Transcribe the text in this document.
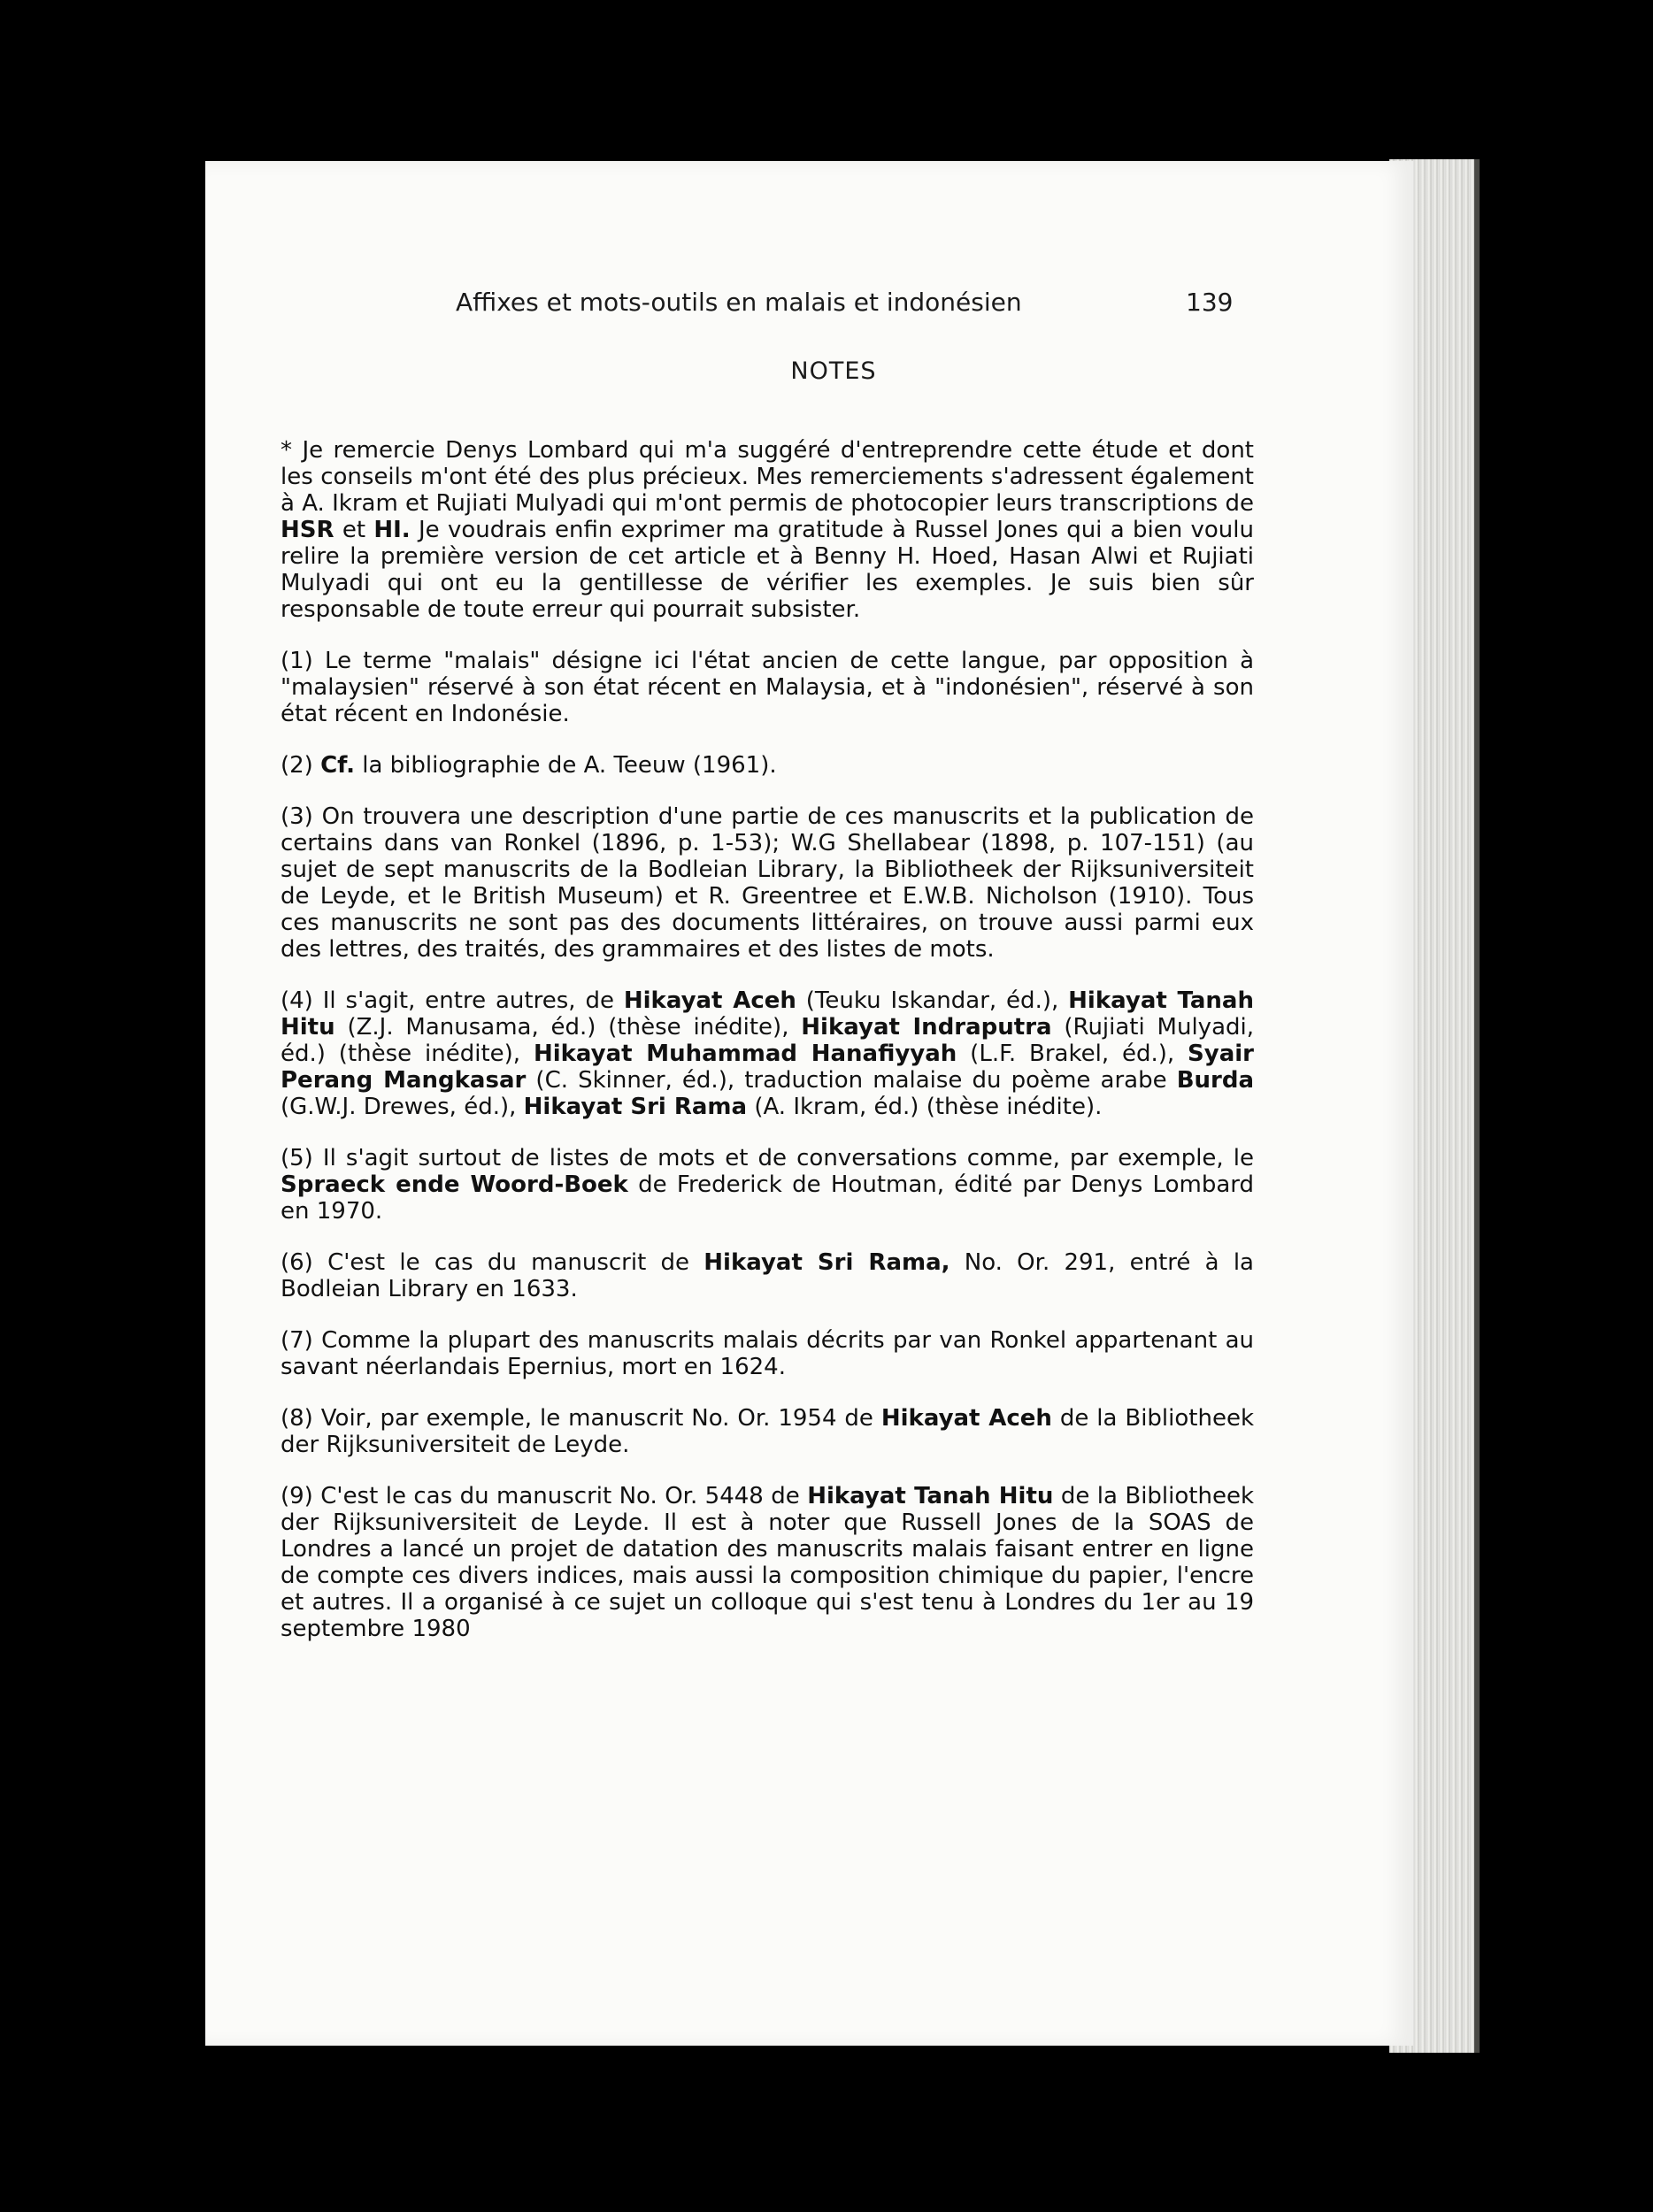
Affixes et mots-outils en malais et indonésien	139
NOTES

* Je remercie Denys Lombard qui m'a suggéré d'entreprendre cette étude et dont les conseils m'ont été des plus précieux. Mes remerciements s'adressent également à A. Ikram et Rujiati Mulyadi qui m'ont permis de photocopier leurs transcriptions de HSR et HI. Je voudrais enfin exprimer ma gratitude à Russel Jones qui a bien voulu relire la première version de cet article et à Benny H. Hoed, Hasan Alwi et Rujiati Mulyadi qui ont eu la gentillesse de vérifier les exemples. Je suis bien sûr responsable de toute erreur qui pourrait subsister.

(1) Le terme "malais" désigne ici l'état ancien de cette langue, par opposition à "malaysien" réservé à son état récent en Malaysia, et à "indonésien", réservé à son état récent en Indonésie.

(2) Cf. la bibliographie de A. Teeuw (1961).

(3) On trouvera une description d'une partie de ces manuscrits et la publication de certains dans van Ronkel (1896, p. 1-53); W.G Shellabear (1898, p. 107-151) (au sujet de sept manuscrits de la Bodleian Library, la Bibliotheek der Rijksuniversiteit de Leyde, et le British Museum) et R. Greentree et E.W.B. Nicholson (1910). Tous ces manuscrits ne sont pas des documents littéraires, on trouve aussi parmi eux des lettres, des traités, des grammaires et des listes de mots.

(4) Il s'agit, entre autres, de Hikayat Aceh (Teuku Iskandar, éd.), Hikayat Tanah Hitu (Z.J. Manusama, éd.) (thèse inédite), Hikayat Indraputra (Rujiati Mulyadi, éd.) (thèse inédite), Hikayat Muhammad Hanafiyyah (L.F. Brakel, éd.), Syair Perang Mangkasar (C. Skinner, éd.), traduction malaise du poème arabe Burda (G.W.J. Drewes, éd.), Hikayat Sri Rama (A. Ikram, éd.) (thèse inédite).

(5) Il s'agit surtout de listes de mots et de conversations comme, par exemple, le Spraeck ende Woord-Boek de Frederick de Houtman, édité par Denys Lombard en 1970.

(6) C'est le cas du manuscrit de Hikayat Sri Rama, No. Or. 291, entré à la Bodleian Library en 1633.

(7) Comme la plupart des manuscrits malais décrits par van Ronkel appartenant au savant néerlandais Epernius, mort en 1624.

(8) Voir, par exemple, le manuscrit No. Or. 1954 de Hikayat Aceh de la Bibliotheek der Rijksuniversiteit de Leyde.

(9) C'est le cas du manuscrit No. Or. 5448 de Hikayat Tanah Hitu de la Bibliotheek der Rijksuniversiteit de Leyde. Il est à noter que Russell Jones de la SOAS de Londres a lancé un projet de datation des manuscrits malais faisant entrer en ligne de compte ces divers indices, mais aussi la composition chimique du papier, l'encre et autres. Il a organisé à ce sujet un colloque qui s'est tenu à Londres du 1er au 19 septembre 1980
